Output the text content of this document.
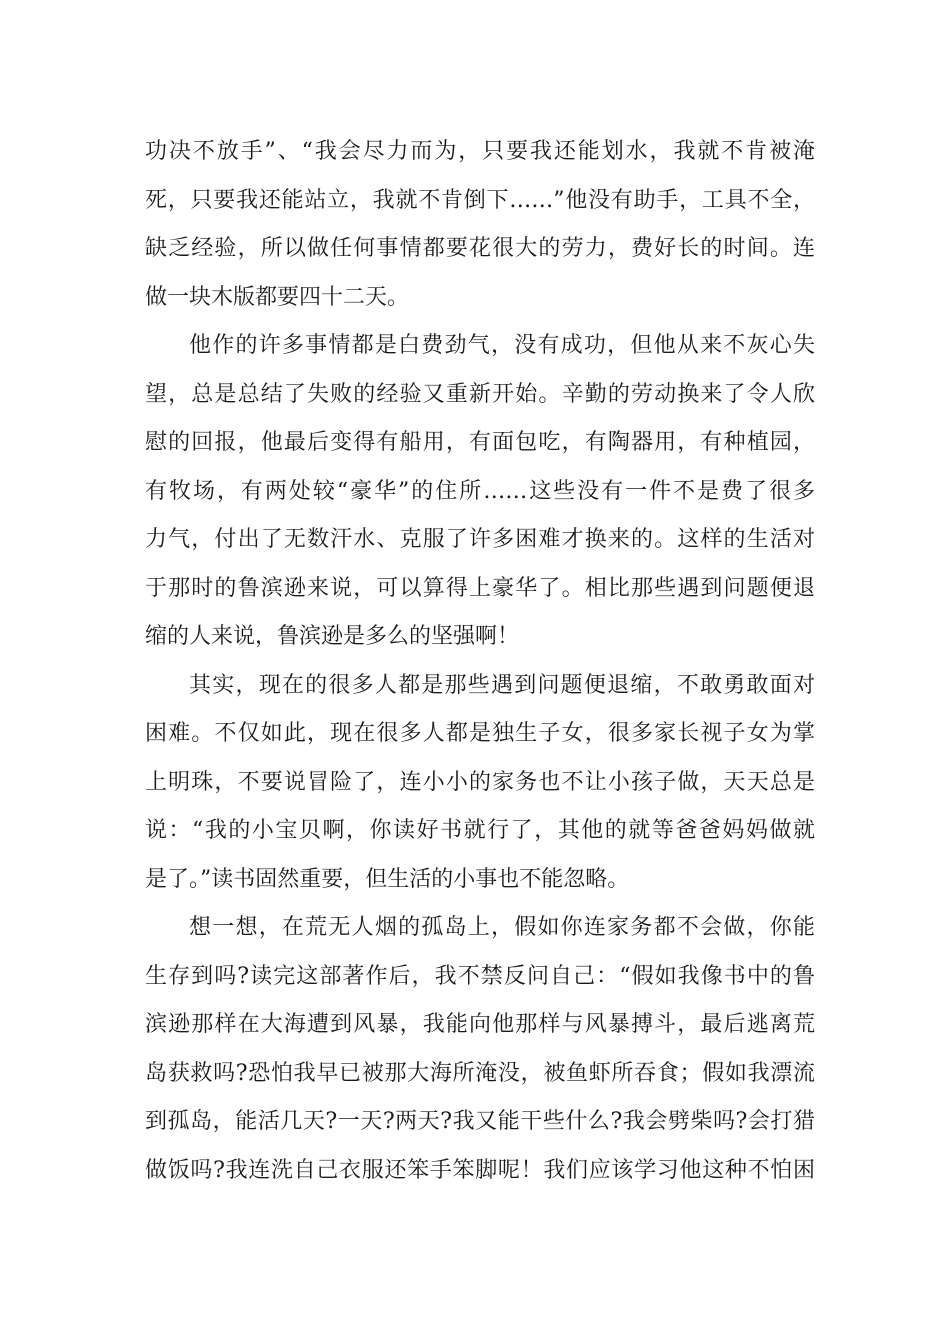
功决不放手”、“我会尽力而为，只要我还能划水，我就不肯被淹
死，只要我还能站立，我就不肯倒下……”他没有助手，工具不全，
缺乏经验，所以做任何事情都要花很大的劳力，费好长的时间。连
做一块木版都要四十二天。
他作的许多事情都是白费劲气，没有成功，但他从来不灰心失
望，总是总结了失败的经验又重新开始。辛勤的劳动换来了令人欣
慰的回报，他最后变得有船用，有面包吃，有陶器用，有种植园，
有牧场，有两处较“豪华”的住所……这些没有一件不是费了很多
力气，付出了无数汗水、克服了许多困难才换来的。这样的生活对
于那时的鲁滨逊来说，可以算得上豪华了。相比那些遇到问题便退
缩的人来说，鲁滨逊是多么的坚强啊！
其实，现在的很多人都是那些遇到问题便退缩，不敢勇敢面对
困难。不仅如此，现在很多人都是独生子女，很多家长视子女为掌
上明珠，不要说冒险了，连小小的家务也不让小孩子做，天天总是
说：“我的小宝贝啊，你读好书就行了，其他的就等爸爸妈妈做就
是了。”读书固然重要，但生活的小事也不能忽略。
想一想，在荒无人烟的孤岛上，假如你连家务都不会做，你能
生存到吗?读完这部著作后，我不禁反问自己：“假如我像书中的鲁
滨逊那样在大海遭到风暴，我能向他那样与风暴搏斗，最后逃离荒
岛获救吗?恐怕我早已被那大海所淹没，被鱼虾所吞食；假如我漂流
到孤岛，能活几天?一天?两天?我又能干些什么?我会劈柴吗?会打猎
做饭吗?我连洗自己衣服还笨手笨脚呢！我们应该学习他这种不怕困
